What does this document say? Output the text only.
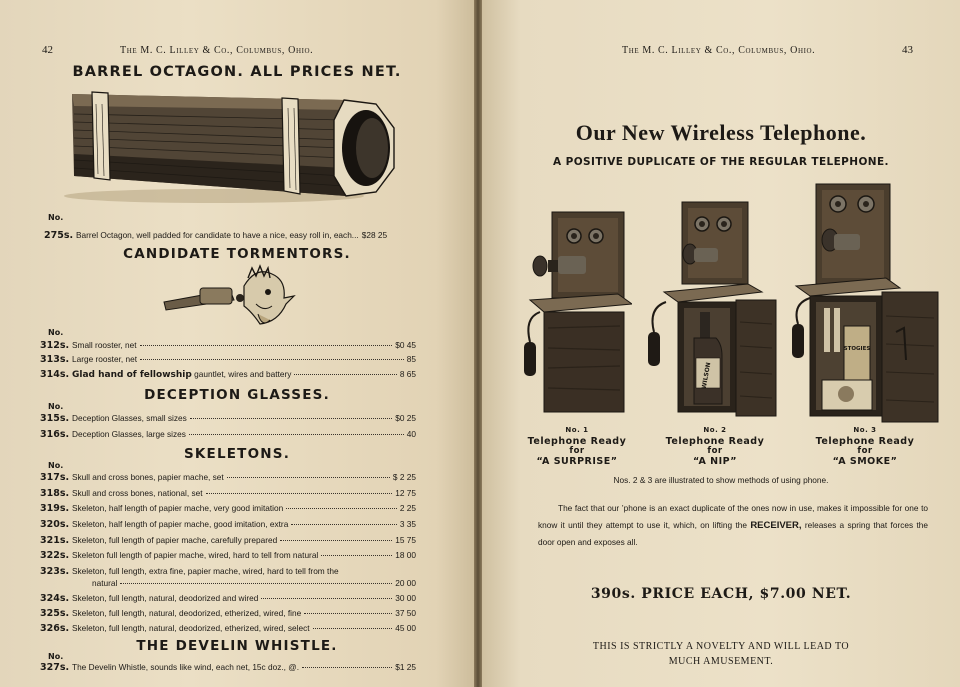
42	The M. C. Lilley & Co., Columbus, Ohio.
BARREL OCTAGON. ALL PRICES NET.
No.
275s. Barrel Octagon, well padded for candidate to have a nice, easy roll in, each... $28 25
CANDIDATE TORMENTORS.
No.
312s. Small rooster, net	$0 45
313s. Large rooster, net	85
314s. Glad hand of fellowship gauntlet, wires and battery	8 65
DECEPTION GLASSES.
No.
315s. Deception Glasses, small sizes	$0 25
316s. Deception Glasses, large sizes	40
SKELETONS.
No.
317s. Skull and cross bones, papier mache, set	$ 2 25
318s. Skull and cross bones, national, set	12 75
319s. Skeleton, half length of papier mache, very good imitation	2 25
320s. Skeleton, half length of papier mache, good imitation, extra	3 35
321s. Skeleton, full length of papier mache, carefully prepared	15 75
322s. Skeleton full length of papier mache, wired, hard to tell from natural	18 00
323s. Skeleton, full length, extra fine, papier mache, wired, hard to tell from the
natural	20 00
324s. Skeleton, full length, natural, deodorized and wired	30 00
325s. Skeleton, full length, natural, deodorized, etherized, wired, fine	37 50
326s. Skeleton, full length, natural, deodorized, etherized, wired, select	45 00
THE DEVELIN WHISTLE.
No.
327s. The Develin Whistle, sounds like wind, each net, 15c doz., @.	$1 25
The M. C. Lilley & Co., Columbus, Ohio.	43
Our New Wireless Telephone.
A POSITIVE DUPLICATE OF THE REGULAR TELEPHONE.
WILSON
STOGIES
No. 1
Telephone Ready
for
“A SURPRISE”
No. 2
Telephone Ready
for
“A NIP”
No. 3
Telephone Ready
for
“A SMOKE”
Nos. 2 & 3 are illustrated to show methods of using phone.
The fact that our ’phone is an exact duplicate of the ones now in use, makes it impossible for one to know it until they attempt to use it, which, on lifting the RECEIVER, releases a spring that forces the door open and exposes all.
390s. PRICE EACH, $7.00 NET.
THIS IS STRICTLY A NOVELTY AND WILL LEAD TO
MUCH AMUSEMENT.
